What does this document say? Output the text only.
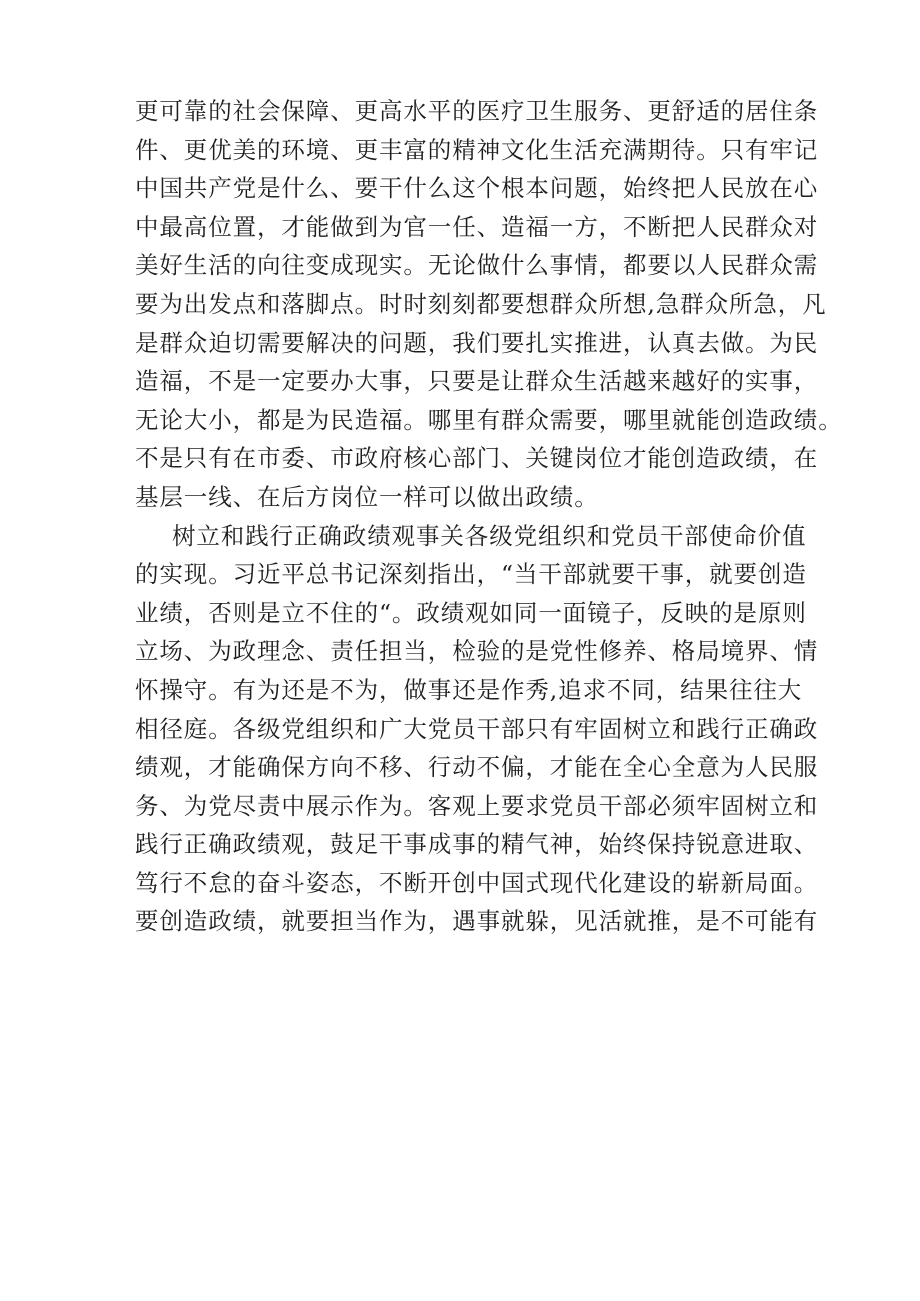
更可靠的社会保障、更高水平的医疗卫生服务、更舒适的居住条
件、更优美的环境、更丰富的精神文化生活充满期待。只有牢记
中国共产党是什么、要干什么这个根本问题，始终把人民放在心
中最高位置，才能做到为官一任、造福一方，不断把人民群众对
美好生活的向往变成现实。无论做什么事情，都要以人民群众需
要为出发点和落脚点。时时刻刻都要想群众所想,急群众所急，凡
是群众迫切需要解决的问题，我们要扎实推进，认真去做。为民
造福，不是一定要办大事，只要是让群众生活越来越好的实事，
无论大小，都是为民造福。哪里有群众需要，哪里就能创造政绩。
不是只有在市委、市政府核心部门、关键岗位才能创造政绩，在
基层一线、在后方岗位一样可以做出政绩。
树立和践行正确政绩观事关各级党组织和党员干部使命价值
的实现。习近平总书记深刻指出，“当干部就要干事，就要创造
业绩，否则是立不住的“。政绩观如同一面镜子，反映的是原则
立场、为政理念、责任担当，检验的是党性修养、格局境界、情
怀操守。有为还是不为，做事还是作秀,追求不同，结果往往大
相径庭。各级党组织和广大党员干部只有牢固树立和践行正确政
绩观，才能确保方向不移、行动不偏，才能在全心全意为人民服
务、为党尽责中展示作为。客观上要求党员干部必须牢固树立和
践行正确政绩观，鼓足干事成事的精气神，始终保持锐意进取、
笃行不怠的奋斗姿态，不断开创中国式现代化建设的崭新局面。
要创造政绩，就要担当作为，遇事就躲，见活就推，是不可能有
